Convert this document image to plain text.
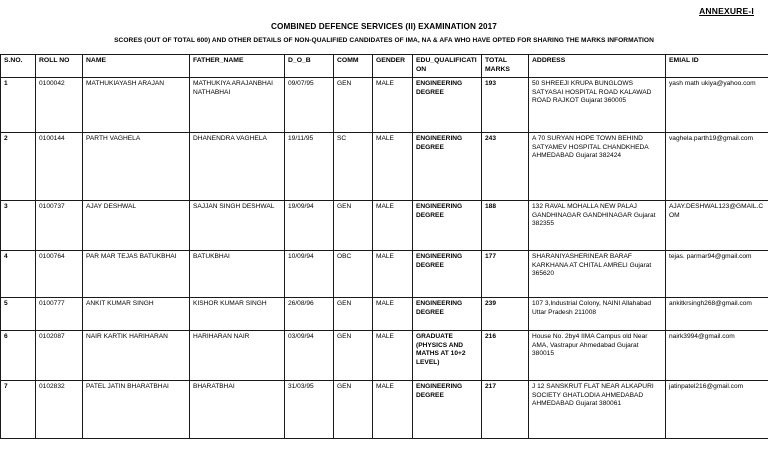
ANNEXURE-I
COMBINED DEFENCE SERVICES (II) EXAMINATION 2017
SCORES (OUT OF TOTAL 600) AND OTHER DETAILS OF NON-QUALIFIED CANDIDATES OF IMA, NA & AFA WHO HAVE OPTED FOR SHARING THE MARKS INFORMATION
S.NO.	ROLL NO	NAME	FATHER_NAME	D_O_B	COMM	GENDER	EDU_QUALIFICATION	TOTAL MARKS	ADDRESS	EMIAL ID
1	0100042	MATHUKIAYASH ARAJAN	MATHUKIYA ARAJANBHAI NATHABHAI	09/07/95	GEN	MALE	ENGINEERING DEGREE	193	50 SHREEJI KRUPA BUNGLOWS SATYASAI HOSPITAL ROAD KALAWAD ROAD RAJKOT Gujarat 360005	yash math ukiya@yahoo.com
2	0100144	PARTH VAGHELA	DHANENDRA VAGHELA	19/11/95	SC	MALE	ENGINEERING DEGREE	243	A 70 SURYAN HOPE TOWN BEHIND SATYAMEV HOSPITAL CHANDKHEDA AHMEDABAD Gujarat 382424	vaghela.parth19@gmail.com
3	0100737	AJAY DESHWAL	SAJJAN SINGH DESHWAL	19/09/94	GEN	MALE	ENGINEERING DEGREE	188	132 RAVAL MOHALLA NEW PALAJ GANDHINAGAR GANDHINAGAR Gujarat 382355	AJAY.DESHWAL123@GMAIL.COM
4	0100764	PAR MAR TEJAS BATUKBHAI	BATUKBHAI	10/09/94	OBC	MALE	ENGINEERING DEGREE	177	SHARANIYASHERINEAR BARAF KARKHANA AT CHITAL AMRELI Gujarat 365620	tejas. parmar94@gmail.com
5	0100777	ANKIT KUMAR SINGH	KISHOR KUMAR SINGH	26/08/96	GEN	MALE	ENGINEERING DEGREE	239	107 3,Industrial Colony, NAINI Allahabad Uttar Pradesh 211008	ankitkrsingh268@gmail.com
6	0102087	NAIR KARTIK HARIHARAN	HARIHARAN NAIR	03/09/94	GEN	MALE	GRADUATE (PHYSICS AND MATHS AT 10+2 LEVEL)	216	House No. 2by4 IIMA Campus old Near AMA, Vastrapur Ahmedabad Gujarat 380015	nairk3994@gmail.com
7	0102832	PATEL JATIN BHARATBHAI	BHARATBHAI	31/03/95	GEN	MALE	ENGINEERING DEGREE	217	J 12 SANSKRUT FLAT NEAR ALKAPURI SOCIETY GHATLODIA AHMEDABAD AHMEDABAD Gujarat 380061	jatinpatel216@gmail.com
